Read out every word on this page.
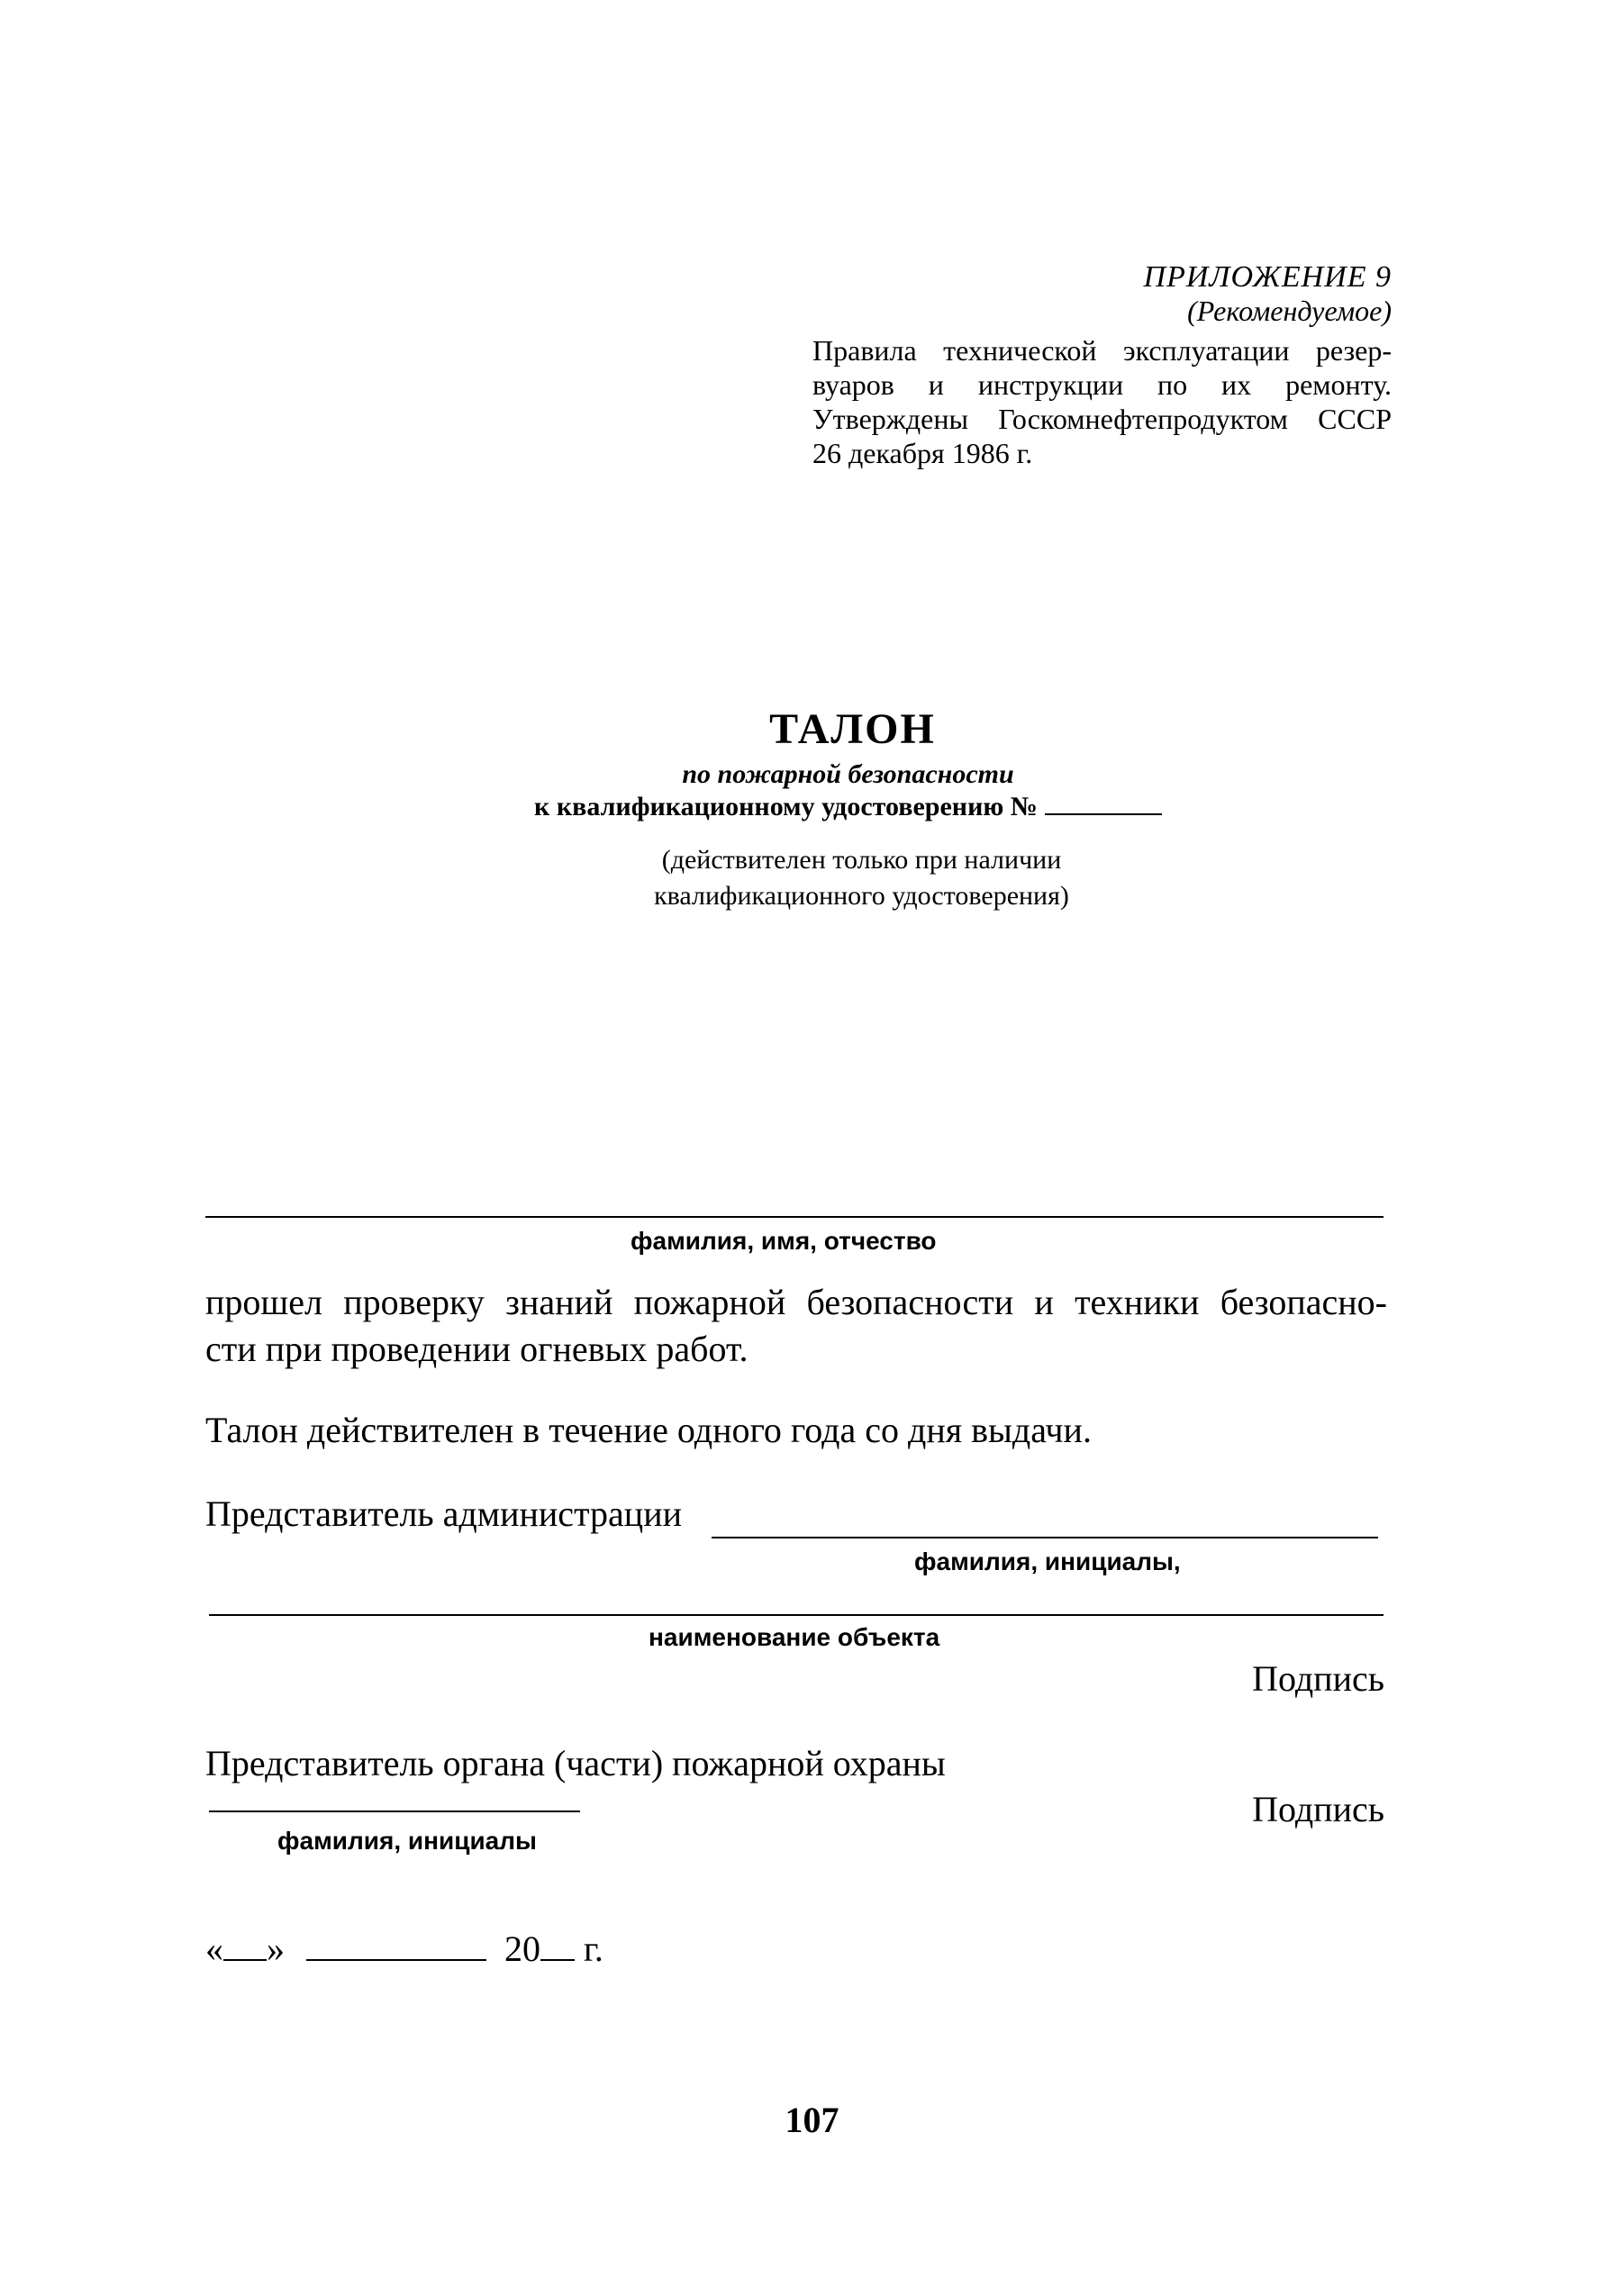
ПРИЛОЖЕНИЕ 9
(Рекомендуемое)
Правила технической эксплуатации резер-
вуаров и инструкции по их ремонту.
Утверждены Госкомнефтепродуктом СССР
26 декабря 1986 г.
ТАЛОН
по пожарной безопасности
к квалификационному удостоверению №
(действителен только при наличии
квалификационного удостоверения)
фамилия, имя, отчество
прошел проверку знаний пожарной безопасности и техники безопасно-
сти при проведении огневых работ.
Талон действителен в течение одного года со дня выдачи.
Представитель администрации
фамилия, инициалы,
наименование объекта
Подпись
Представитель органа (части) пожарной охраны
фамилия, инициалы
Подпись
« »	20 г.
107
